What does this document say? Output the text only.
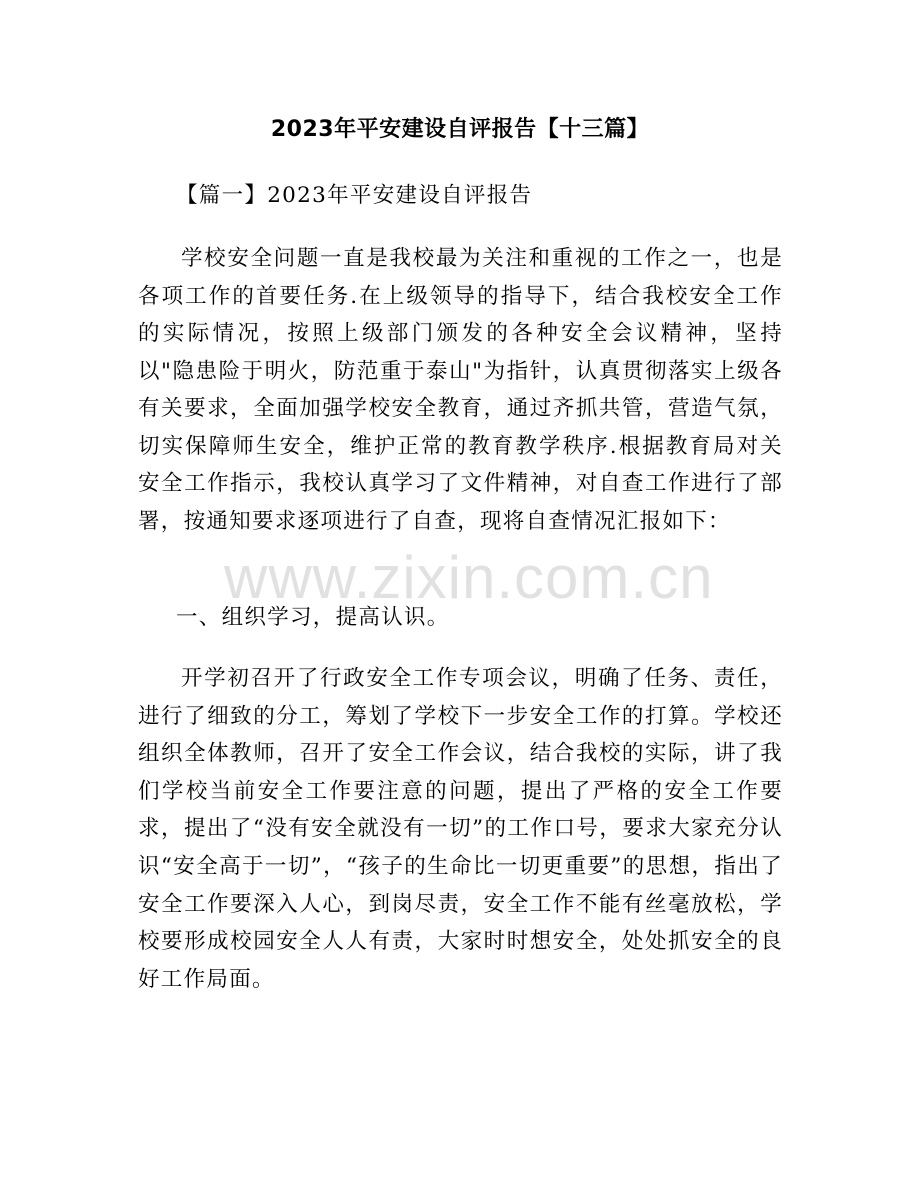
2023年平安建设自评报告【十三篇】

【篇一】2023年平安建设自评报告

学校安全问题一直是我校最为关注和重视的工作之一，也是各项工作的首要任务.在上级领导的指导下，结合我校安全工作的实际情况，按照上级部门颁发的各种安全会议精神，坚持以"隐患险于明火，防范重于泰山"为指针，认真贯彻落实上级各有关要求，全面加强学校安全教育，通过齐抓共管，营造气氛，切实保障师生安全，维护正常的教育教学秩序.根据教育局对关安全工作指示，我校认真学习了文件精神，对自查工作进行了部署，按通知要求逐项进行了自查，现将自查情况汇报如下：

一、组织学习，提高认识。

开学初召开了行政安全工作专项会议，明确了任务、责任，进行了细致的分工，筹划了学校下一步安全工作的打算。学校还组织全体教师，召开了安全工作会议，结合我校的实际，讲了我们学校当前安全工作要注意的问题，提出了严格的安全工作要求，提出了“没有安全就没有一切”的工作口号，要求大家充分认识“安全高于一切”，“孩子的生命比一切更重要”的思想，指出了安全工作要深入人心，到岗尽责，安全工作不能有丝毫放松，学校要形成校园安全人人有责，大家时时想安全，处处抓安全的良好工作局面。

www.zixin.com.cn
